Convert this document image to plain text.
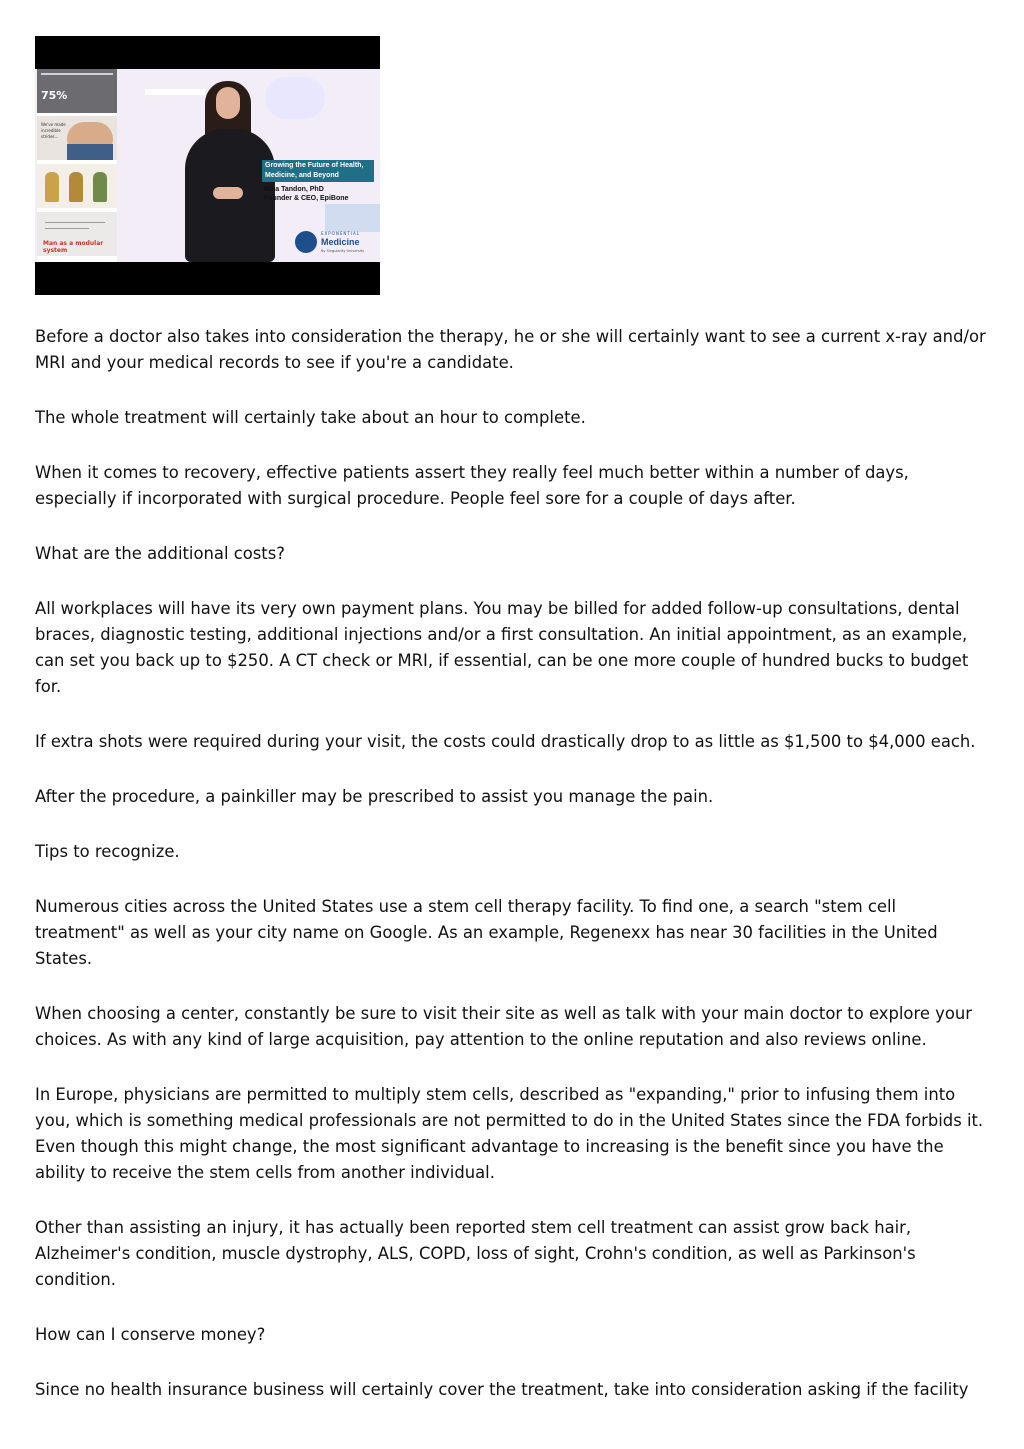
75%
We've made incredible strides...
Man as a modular system
Growing the Future of Health, Medicine, and Beyond
Nina Tandon, PhD
Founder & CEO, EpiBone
EXPONENTIAL
Medicine
By Singularity University

Before a doctor also takes into consideration the therapy, he or she will certainly want to see a current x-ray and/or MRI and your medical records to see if you're a candidate.

The whole treatment will certainly take about an hour to complete.

When it comes to recovery, effective patients assert they really feel much better within a number of days, especially if incorporated with surgical procedure. People feel sore for a couple of days after.

What are the additional costs?

All workplaces will have its very own payment plans. You may be billed for added follow-up consultations, dental braces, diagnostic testing, additional injections and/or a first consultation. An initial appointment, as an example, can set you back up to $250. A CT check or MRI, if essential, can be one more couple of hundred bucks to budget for.

If extra shots were required during your visit, the costs could drastically drop to as little as $1,500 to $4,000 each.

After the procedure, a painkiller may be prescribed to assist you manage the pain.

Tips to recognize.

Numerous cities across the United States use a stem cell therapy facility. To find one, a search "stem cell treatment" as well as your city name on Google. As an example, Regenexx has near 30 facilities in the United States.

When choosing a center, constantly be sure to visit their site as well as talk with your main doctor to explore your choices. As with any kind of large acquisition, pay attention to the online reputation and also reviews online.

In Europe, physicians are permitted to multiply stem cells, described as "expanding," prior to infusing them into you, which is something medical professionals are not permitted to do in the United States since the FDA forbids it. Even though this might change, the most significant advantage to increasing is the benefit since you have the ability to receive the stem cells from another individual.

Other than assisting an injury, it has actually been reported stem cell treatment can assist grow back hair, Alzheimer's condition, muscle dystrophy, ALS, COPD, loss of sight, Crohn's condition, as well as Parkinson's condition.

How can I conserve money?

Since no health insurance business will certainly cover the treatment, take into consideration asking if the facility
